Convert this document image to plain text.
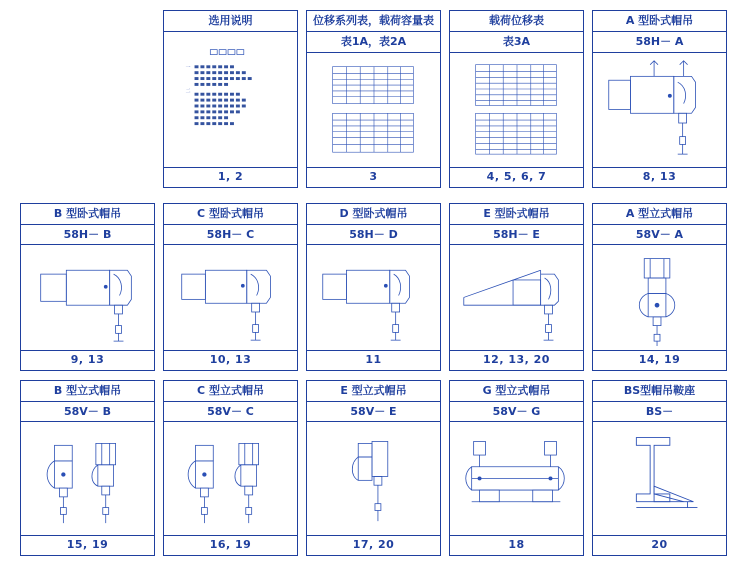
选用说明
一
二
1, 2
位移系列表，载荷容量表
表1A，表2A
3
载荷位移表
表3A
4, 5, 6, 7
A 型卧式帽吊
58H－ A
8, 13
B 型卧式帽吊
58H－ B
9, 13
C 型卧式帽吊
58H－ C
10, 13
D 型卧式帽吊
58H－ D
11
E 型卧式帽吊
58H－ E
12, 13, 20
A 型立式帽吊
58V－ A
14, 19
B 型立式帽吊
58V－ B
15, 19
C 型立式帽吊
58V－ C
16, 19
E 型立式帽吊
58V－ E
17, 20
G 型立式帽吊
58V－ G
18
BS型帽吊鞍座
BS－
20
